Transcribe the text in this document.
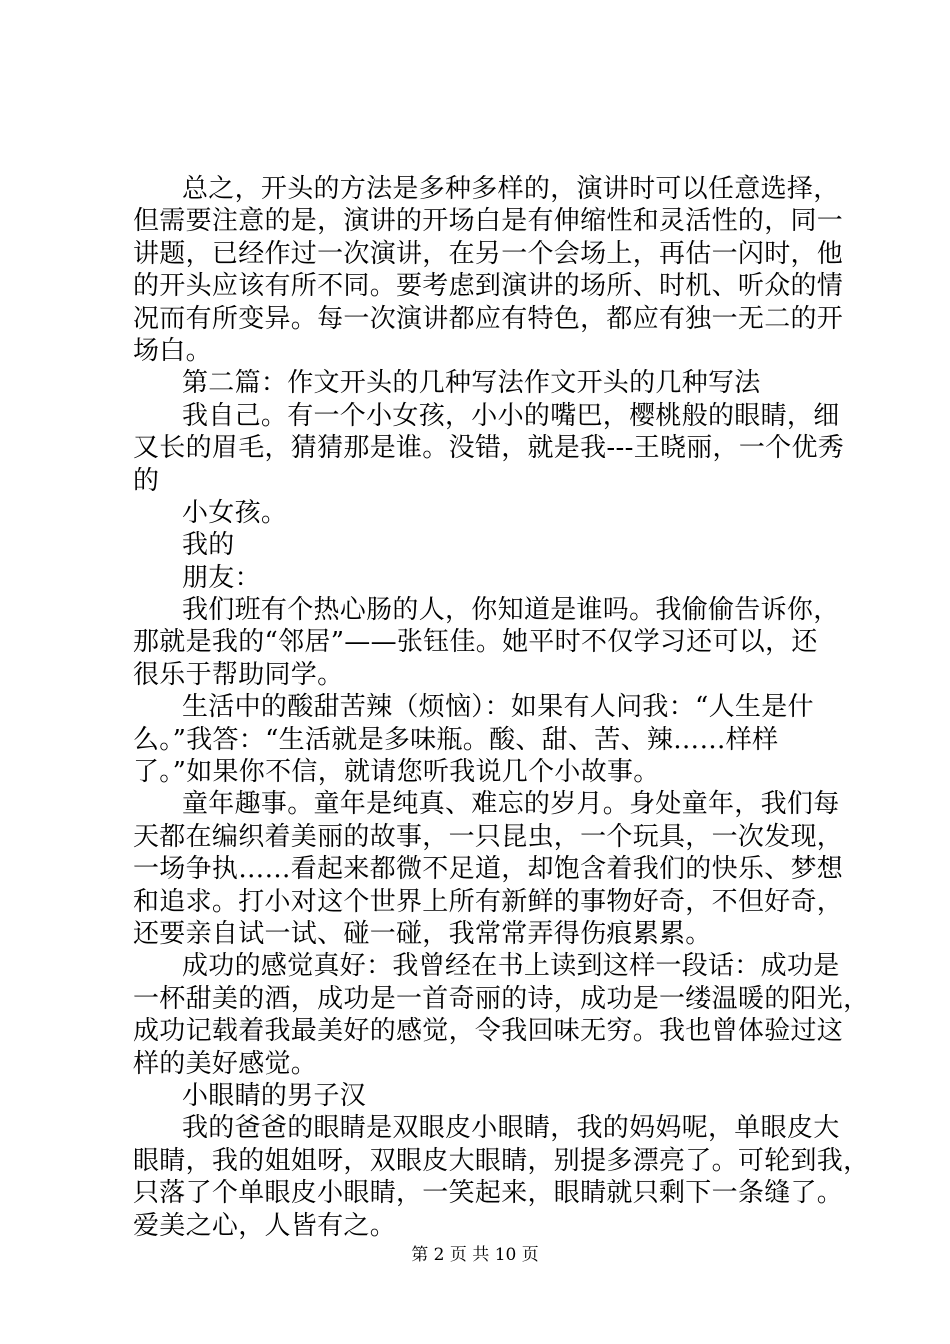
总之，开头的方法是多种多样的，演讲时可以任意选择，
但需要注意的是，演讲的开场白是有伸缩性和灵活性的，同一
讲题，已经作过一次演讲，在另一个会场上，再估一闪时，他
的开头应该有所不同。要考虑到演讲的场所、时机、听众的情
况而有所变异。每一次演讲都应有特色，都应有独一无二的开
场白。
第二篇：作文开头的几种写法作文开头的几种写法
我自己。有一个小女孩，小小的嘴巴，樱桃般的眼睛，细
又长的眉毛，猜猜那是谁。没错，就是我---王晓丽，一个优秀
的
小女孩。
我的
朋友：
我们班有个热心肠的人，你知道是谁吗。我偷偷告诉你，
那就是我的“邻居”——张钰佳。她平时不仅学习还可以，还
很乐于帮助同学。
生活中的酸甜苦辣（烦恼）：如果有人问我：“人生是什
么。”我答：“生活就是多味瓶。酸、甜、苦、辣……样样
了。”如果你不信，就请您听我说几个小故事。
童年趣事。童年是纯真、难忘的岁月。身处童年，我们每
天都在编织着美丽的故事，一只昆虫，一个玩具，一次发现，
一场争执……看起来都微不足道，却饱含着我们的快乐、梦想
和追求。打小对这个世界上所有新鲜的事物好奇，不但好奇，
还要亲自试一试、碰一碰，我常常弄得伤痕累累。
成功的感觉真好：我曾经在书上读到这样一段话：成功是
一杯甜美的酒，成功是一首奇丽的诗，成功是一缕温暖的阳光，
成功记载着我最美好的感觉，令我回味无穷。我也曾体验过这
样的美好感觉。
小眼睛的男子汉
我的爸爸的眼睛是双眼皮小眼睛，我的妈妈呢，单眼皮大
眼睛，我的姐姐呀，双眼皮大眼睛，别提多漂亮了。可轮到我，
只落了个单眼皮小眼睛，一笑起来，眼睛就只剩下一条缝了。
爱美之心，人皆有之。
第 2 页 共 10 页
